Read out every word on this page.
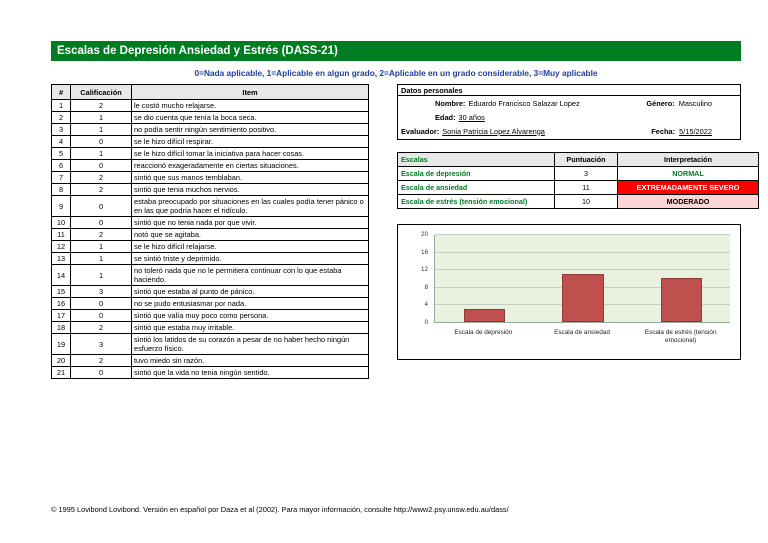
Escalas de Depresión Ansiedad y Estrés (DASS-21)
0=Nada aplicable, 1=Aplicable en algun grado, 2=Aplicable en un grado considerable, 3=Muy aplicable
#	Calificación	Item
1	2	le costó mucho relajarse.
2	1	se dio cuenta que tenía la boca seca.
3	1	no podía sentir ningún sentimiento positivo.
4	0	se le hizo difícil respirar.
5	1	se le hizo difícil tomar la iniciativa para hacer cosas.
6	0	reaccionó exageradamente en ciertas situaciones.
7	2	sintió que sus manos temblaban.
8	2	sintió que tenia muchos nervios.
9	0	estaba preocupado por situaciones en las cuales podía tener pánico o en las que podría hacer el ridículo.
10	0	sintió que no tenia nada por que vivir.
11	2	notó que se agitaba.
12	1	se le hizo difícil relajarse.
13	1	se sintió triste y deprimido.
14	1	no toleró nada que no le permitiera continuar con lo que estaba haciendo.
15	3	sintió que estaba al punto de pánico.
16	0	no se pudo entusiasmar por nada.
17	0	sintió que valía muy poco como persona.
18	2	sintió que estaba muy irritable.
19	3	sintió los latidos de su corazón a pesar de no haber hecho ningún esfuerzo físico.
20	2	tuvo miedo sin razón.
21	0	sintió que la vida no tenia ningún sentido.
Datos personales
Nombre: Eduardo Francisco Salazar Lopez	Género: Masculino
Edad: 30 años
Evaluador: Sonia Patricia Lopez Alvarenga	Fecha: 5/15/2022
Escalas	Puntuación	Interpretación
Escala de depresión	3	NORMAL
Escala de ansiedad	11	EXTREMADAMENTE SEVERO
Escala de estrés (tensión emocional)	10	MODERADO
0
4
8
12
16
20
Escala de depresión	Escala de ansiedad	Escala de estrés (tensión emocional)
© 1995 Lovibond Lovibond. Versión en español por Daza et al (2002). Para mayor información, consulte http://www2.psy.unsw.edu.au/dass/
